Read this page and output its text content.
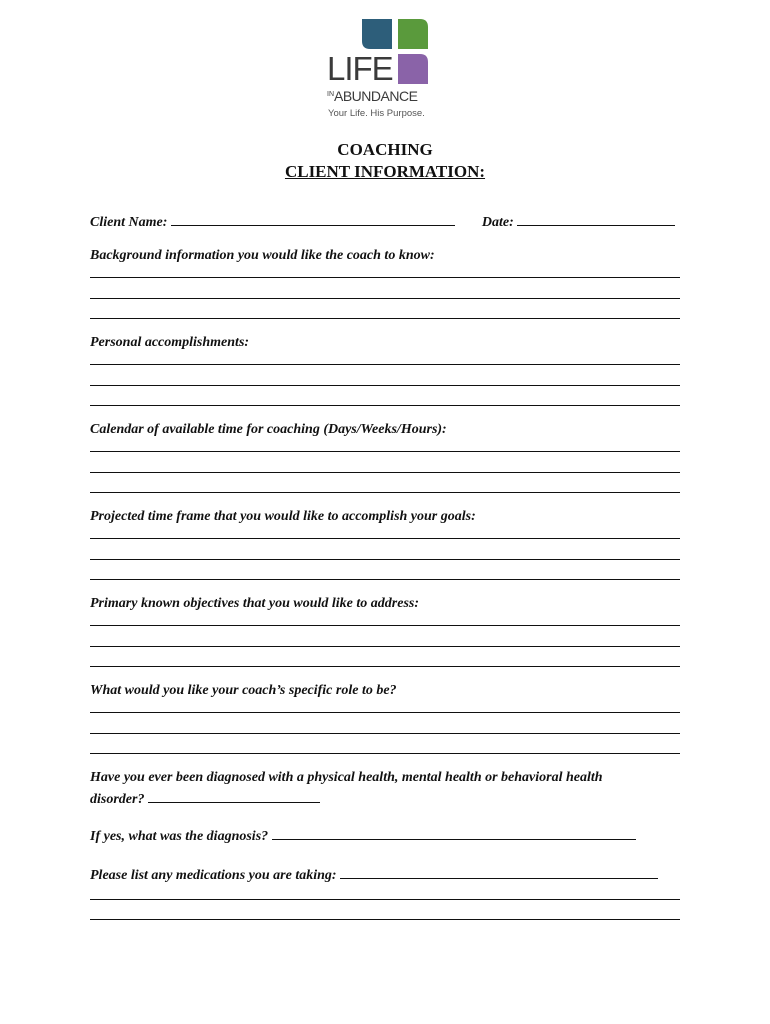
LIFE
$^{IN}$ABUNDANCE
Your Life. His Purpose.
COACHING
CLIENT INFORMATION:
Client Name:	Date:
Background information you would like the coach to know:
Personal accomplishments:
Calendar of available time for coaching (Days/Weeks/Hours):
Projected time frame that you would like to accomplish your goals:
Primary known objectives that you would like to address:
What would you like your coach’s specific role to be?
Have you ever been diagnosed with a physical health, mental health or behavioral health
disorder?
If yes, what was the diagnosis?
Please list any medications you are taking:
